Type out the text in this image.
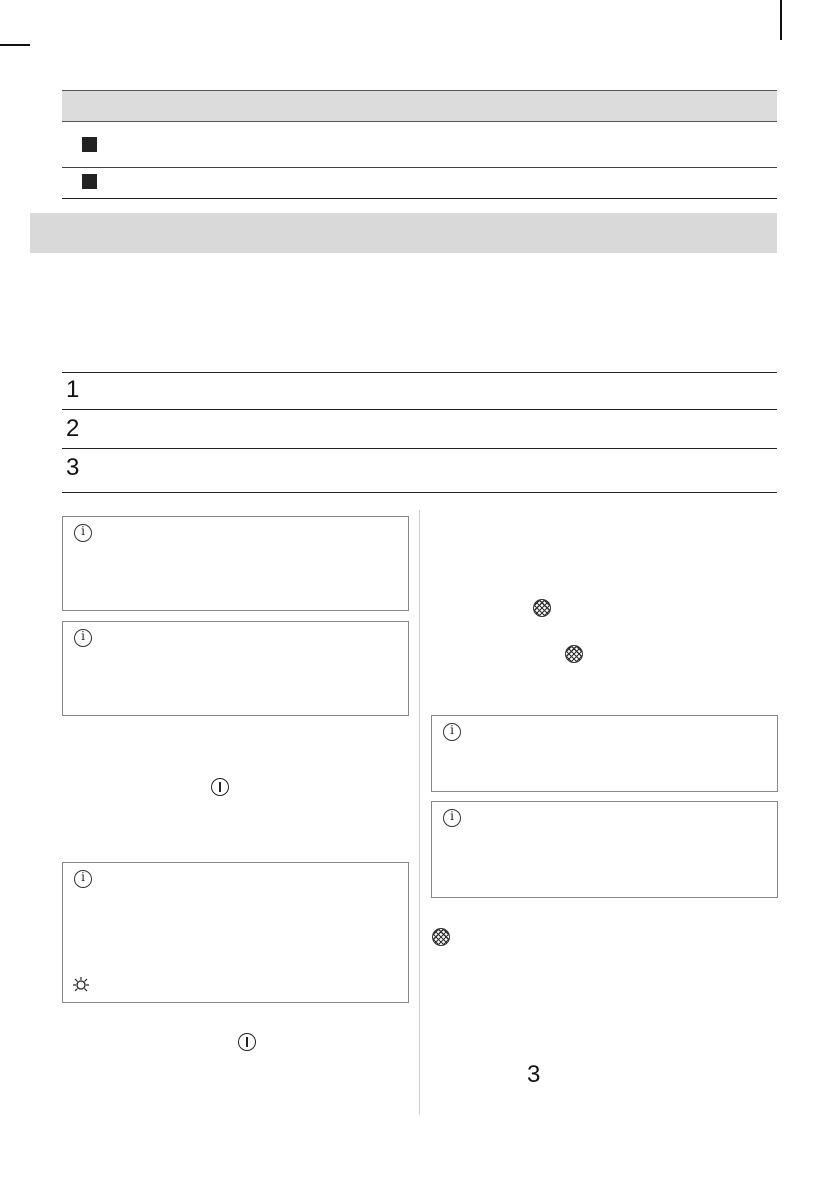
1
2
3
i
i
i
i
i
3
